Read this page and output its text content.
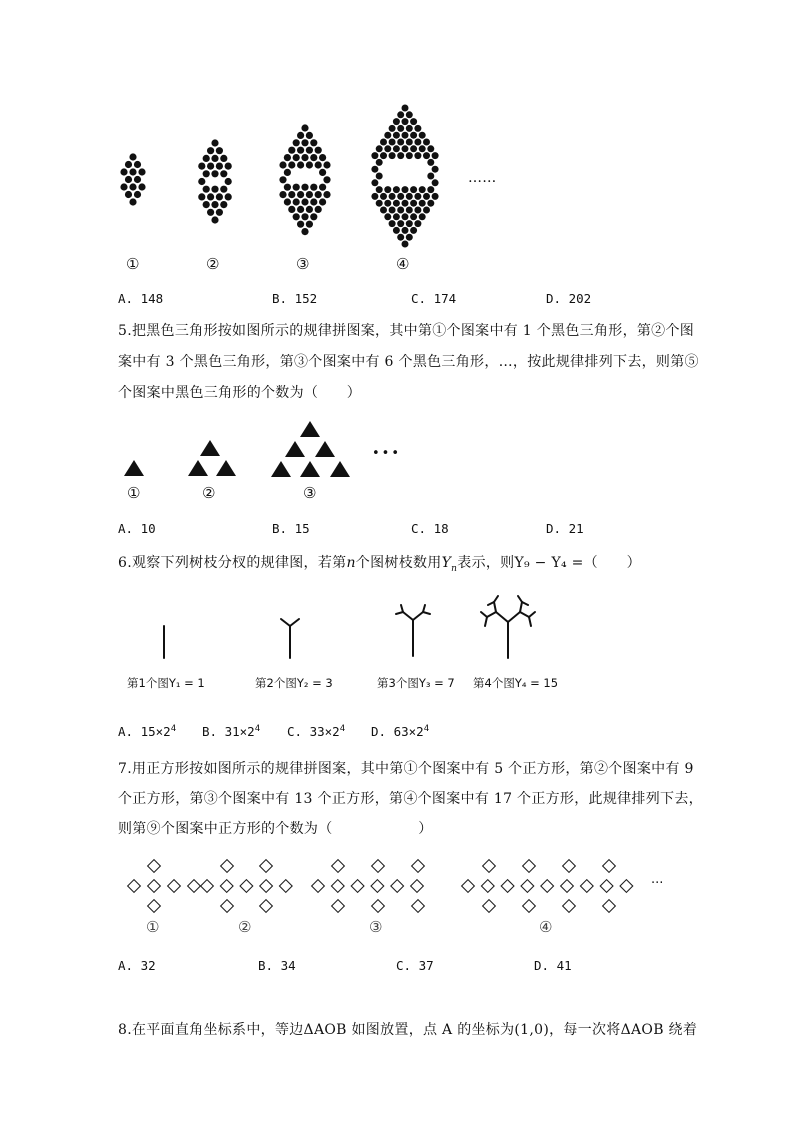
……
①	②	③	④
A. 148	B. 152	C. 174	D. 202
5.把黑色三角形按如图所示的规律拼图案，其中第①个图案中有 1 个黑色三角形，第②个图
案中有 3 个黑色三角形，第③个图案中有 6 个黑色三角形，…，按此规律排列下去，则第⑤
个图案中黑色三角形的个数为（　　）
•••
①	②	③
A. 10	B. 15	C. 18	D. 21
6.观察下列树枝分杈的规律图，若第n个图树枝数用$Y_n$表示，则Y₉ − Y₄ =（　　）
第1个图Y₁ = 1	第2个图Y₂ = 3	第3个图Y₃ = 7 第4个图Y₄ = 15
A. $15\times 2^4$ B. $31\times 2^4$ C. $33\times 2^4$ D. $63\times 2^4$
7.用正方形按如图所示的规律拼图案，其中第①个图案中有 5 个正方形，第②个图案中有 9
个正方形，第③个图案中有 13 个正方形，第④个图案中有 17 个正方形，此规律排列下去，
则第⑨个图案中正方形的个数为（　　　　　　）
···
①	②	③	④
A. 32	B. 34	C. 37	D. 41
8.在平面直角坐标系中，等边ΔAOB 如图放置，点 A 的坐标为(1,0)，每一次将ΔAOB 绕着
